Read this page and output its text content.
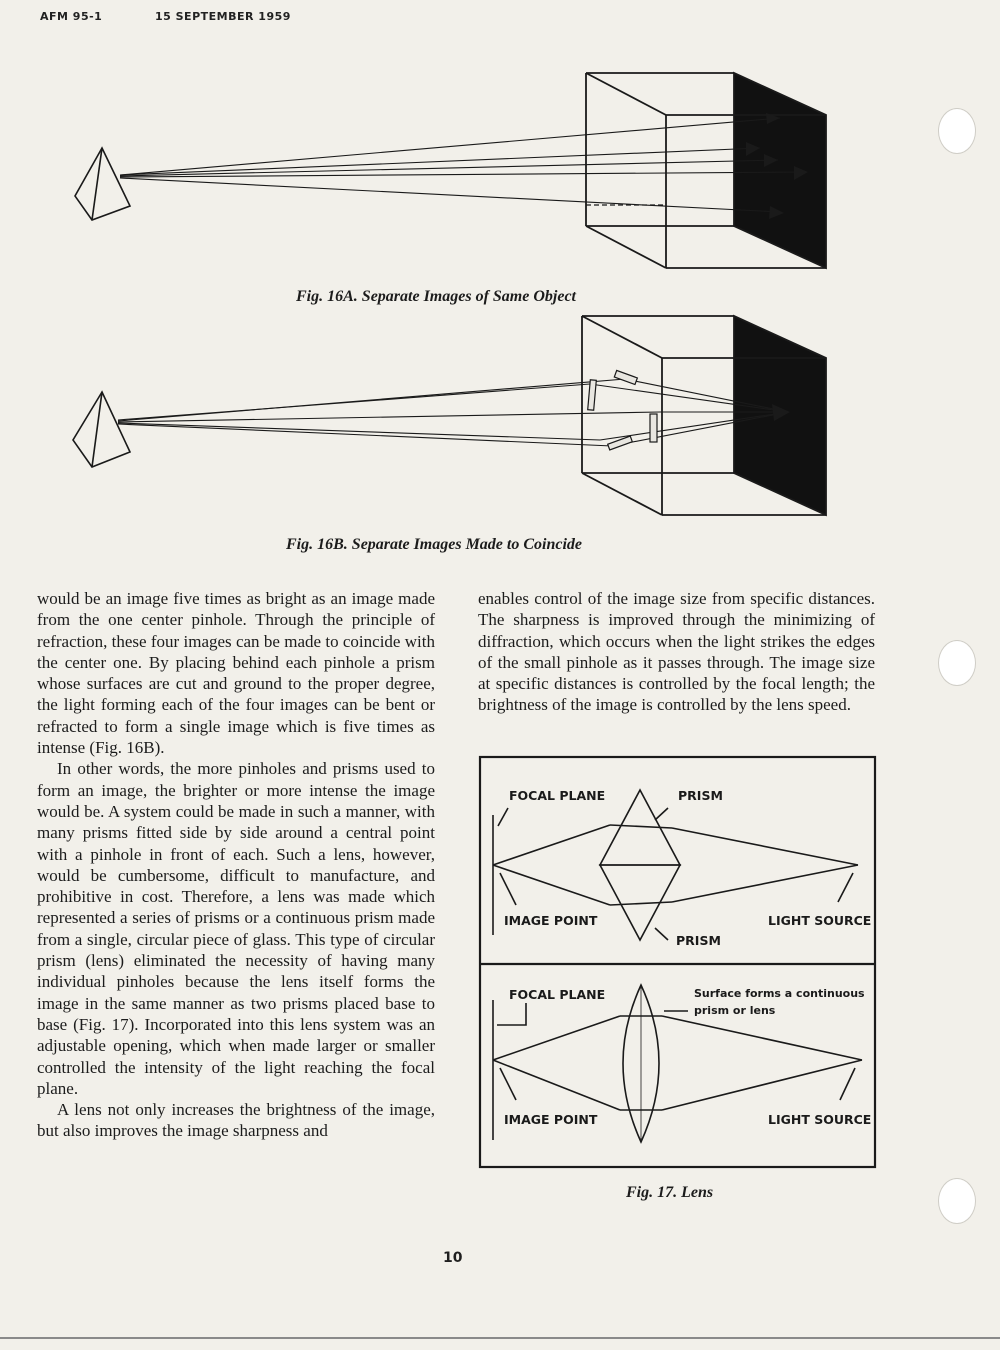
AFM 95-1	15 SEPTEMBER 1959
Fig. 16A. Separate Images of Same Object
Fig. 16B. Separate Images Made to Coincide

would be an image five times as bright as an image made from the one center pinhole. Through the principle of refraction, these four images can be made to coincide with the center one. By placing behind each pinhole a prism whose surfaces are cut and ground to the proper degree, the light forming each of the four images can be bent or refracted to form a single image which is five times as intense (Fig. 16B).

In other words, the more pinholes and prisms used to form an image, the brighter or more intense the image would be. A system could be made in such a manner, with many prisms fitted side by side around a central point with a pinhole in front of each. Such a lens, however, would be cumbersome, difficult to manufacture, and prohibitive in cost. Therefore, a lens was made which represented a series of prisms or a continuous prism made from a single, circular piece of glass. This type of circular prism (lens) eliminated the necessity of having many individual pinholes because the lens itself forms the image in the same manner as two prisms placed base to base (Fig. 17). Incorporated into this lens system was an adjustable opening, which when made larger or smaller controlled the intensity of the light reaching the focal plane.

A lens not only increases the brightness of the image, but also improves the image sharpness and

enables control of the image size from specific distances. The sharpness is improved through the minimizing of diffraction, which occurs when the light strikes the edges of the small pinhole as it passes through. The image size at specific distances is controlled by the focal length; the brightness of the image is controlled by the lens speed.

FOCAL PLANE	PRISM
IMAGE POINT	LIGHT SOURCE
PRISM
FOCAL PLANE	Surface forms a continuous
prism or lens
IMAGE POINT	LIGHT SOURCE
Fig. 17. Lens
10
